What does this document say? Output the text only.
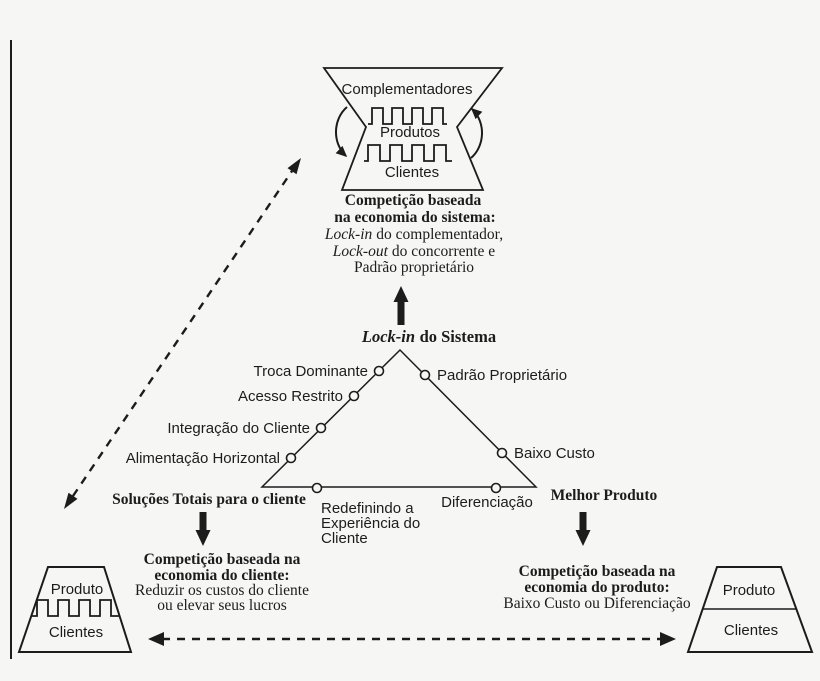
Complementadores
Produtos
Clientes
Competição baseada
na economia do sistema:
Lock-in do complementador,
Lock-out do concorrente e
Padrão proprietário
Lock-in do Sistema
Troca Dominante
Acesso Restrito
Integração do Cliente
Alimentação Horizontal
Padrão Proprietário
Baixo Custo
Diferenciação
Redefinindo a
Experiência do
Cliente
Soluções Totais para o cliente
Competição baseada na
economia do cliente:
Reduzir os custos do cliente
ou elevar seus lucros
Melhor Produto
Competição baseada na
economia do produto:
Baixo Custo ou Diferenciação
Produto
Clientes
Produto
Clientes
